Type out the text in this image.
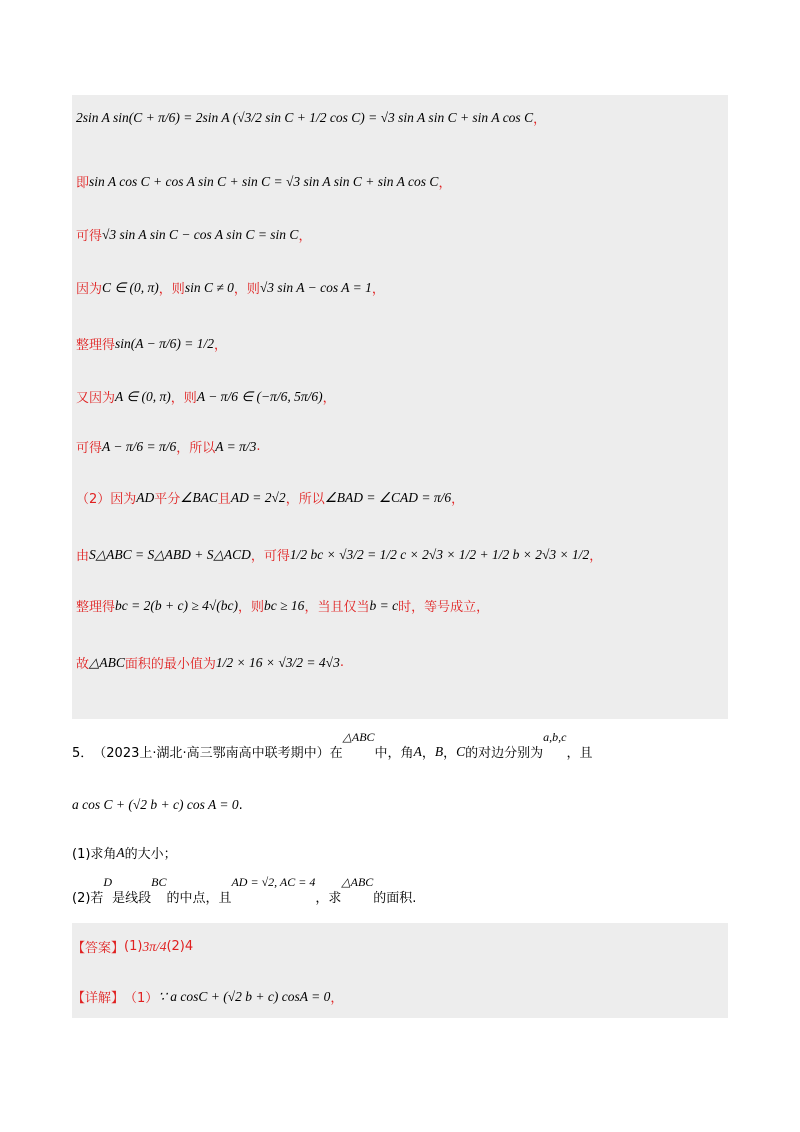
2sin A sin(C + π/6) = 2sin A (√3/2 sin C + 1/2 cos C) = √3 sin A sin C + sin A cos C ，
即 sin A cos C + cos A sin C + sin C = √3 sin A sin C + sin A cos C ，
可得 √3 sin A sin C − cos A sin C = sin C ，
因为 C ∈ (0, π) ，则 sin C ≠ 0 ，则 √3 sin A − cos A = 1 ，
整理得 sin(A − π/6) = 1/2 ，
又因为 A ∈ (0, π) ，则 A − π/6 ∈ (−π/6, 5π/6) ，
可得 A − π/6 = π/6 ，所以 A = π/3 .
（2）因为 AD 平分 ∠BAC 且 AD = 2√2 ，所以 ∠BAD = ∠CAD = π/6 ，
由 S△ABC = S△ABD + S△ACD ，可得 1/2 bc × √3/2 = 1/2 c × 2√3 × 1/2 + 1/2 b × 2√3 × 1/2 ，
整理得 bc = 2(b + c) ≥ 4√(bc) ，则 bc ≥ 16 ，当且仅当 b = c 时，等号成立，
故 △ABC 面积的最小值为 1/2 × 16 × √3/2 = 4√3 .
5． （2023上·湖北·高三鄂南高中联考期中）在
△ABC
中，角 A ， B ， C 的对边分别为
a,b,c
，且
a cos C + (√2 b + c) cos A = 0 .
(1)求角 A 的大小；
(2)若
D
是线段
BC
的中点，且
AD = √2, AC = 4
，求
△ABC
的面积.
【答案】 (1) 3π/4 (2)4
【详解】 （1） ∵ a cosC + (√2 b + c) cosA = 0 ，
